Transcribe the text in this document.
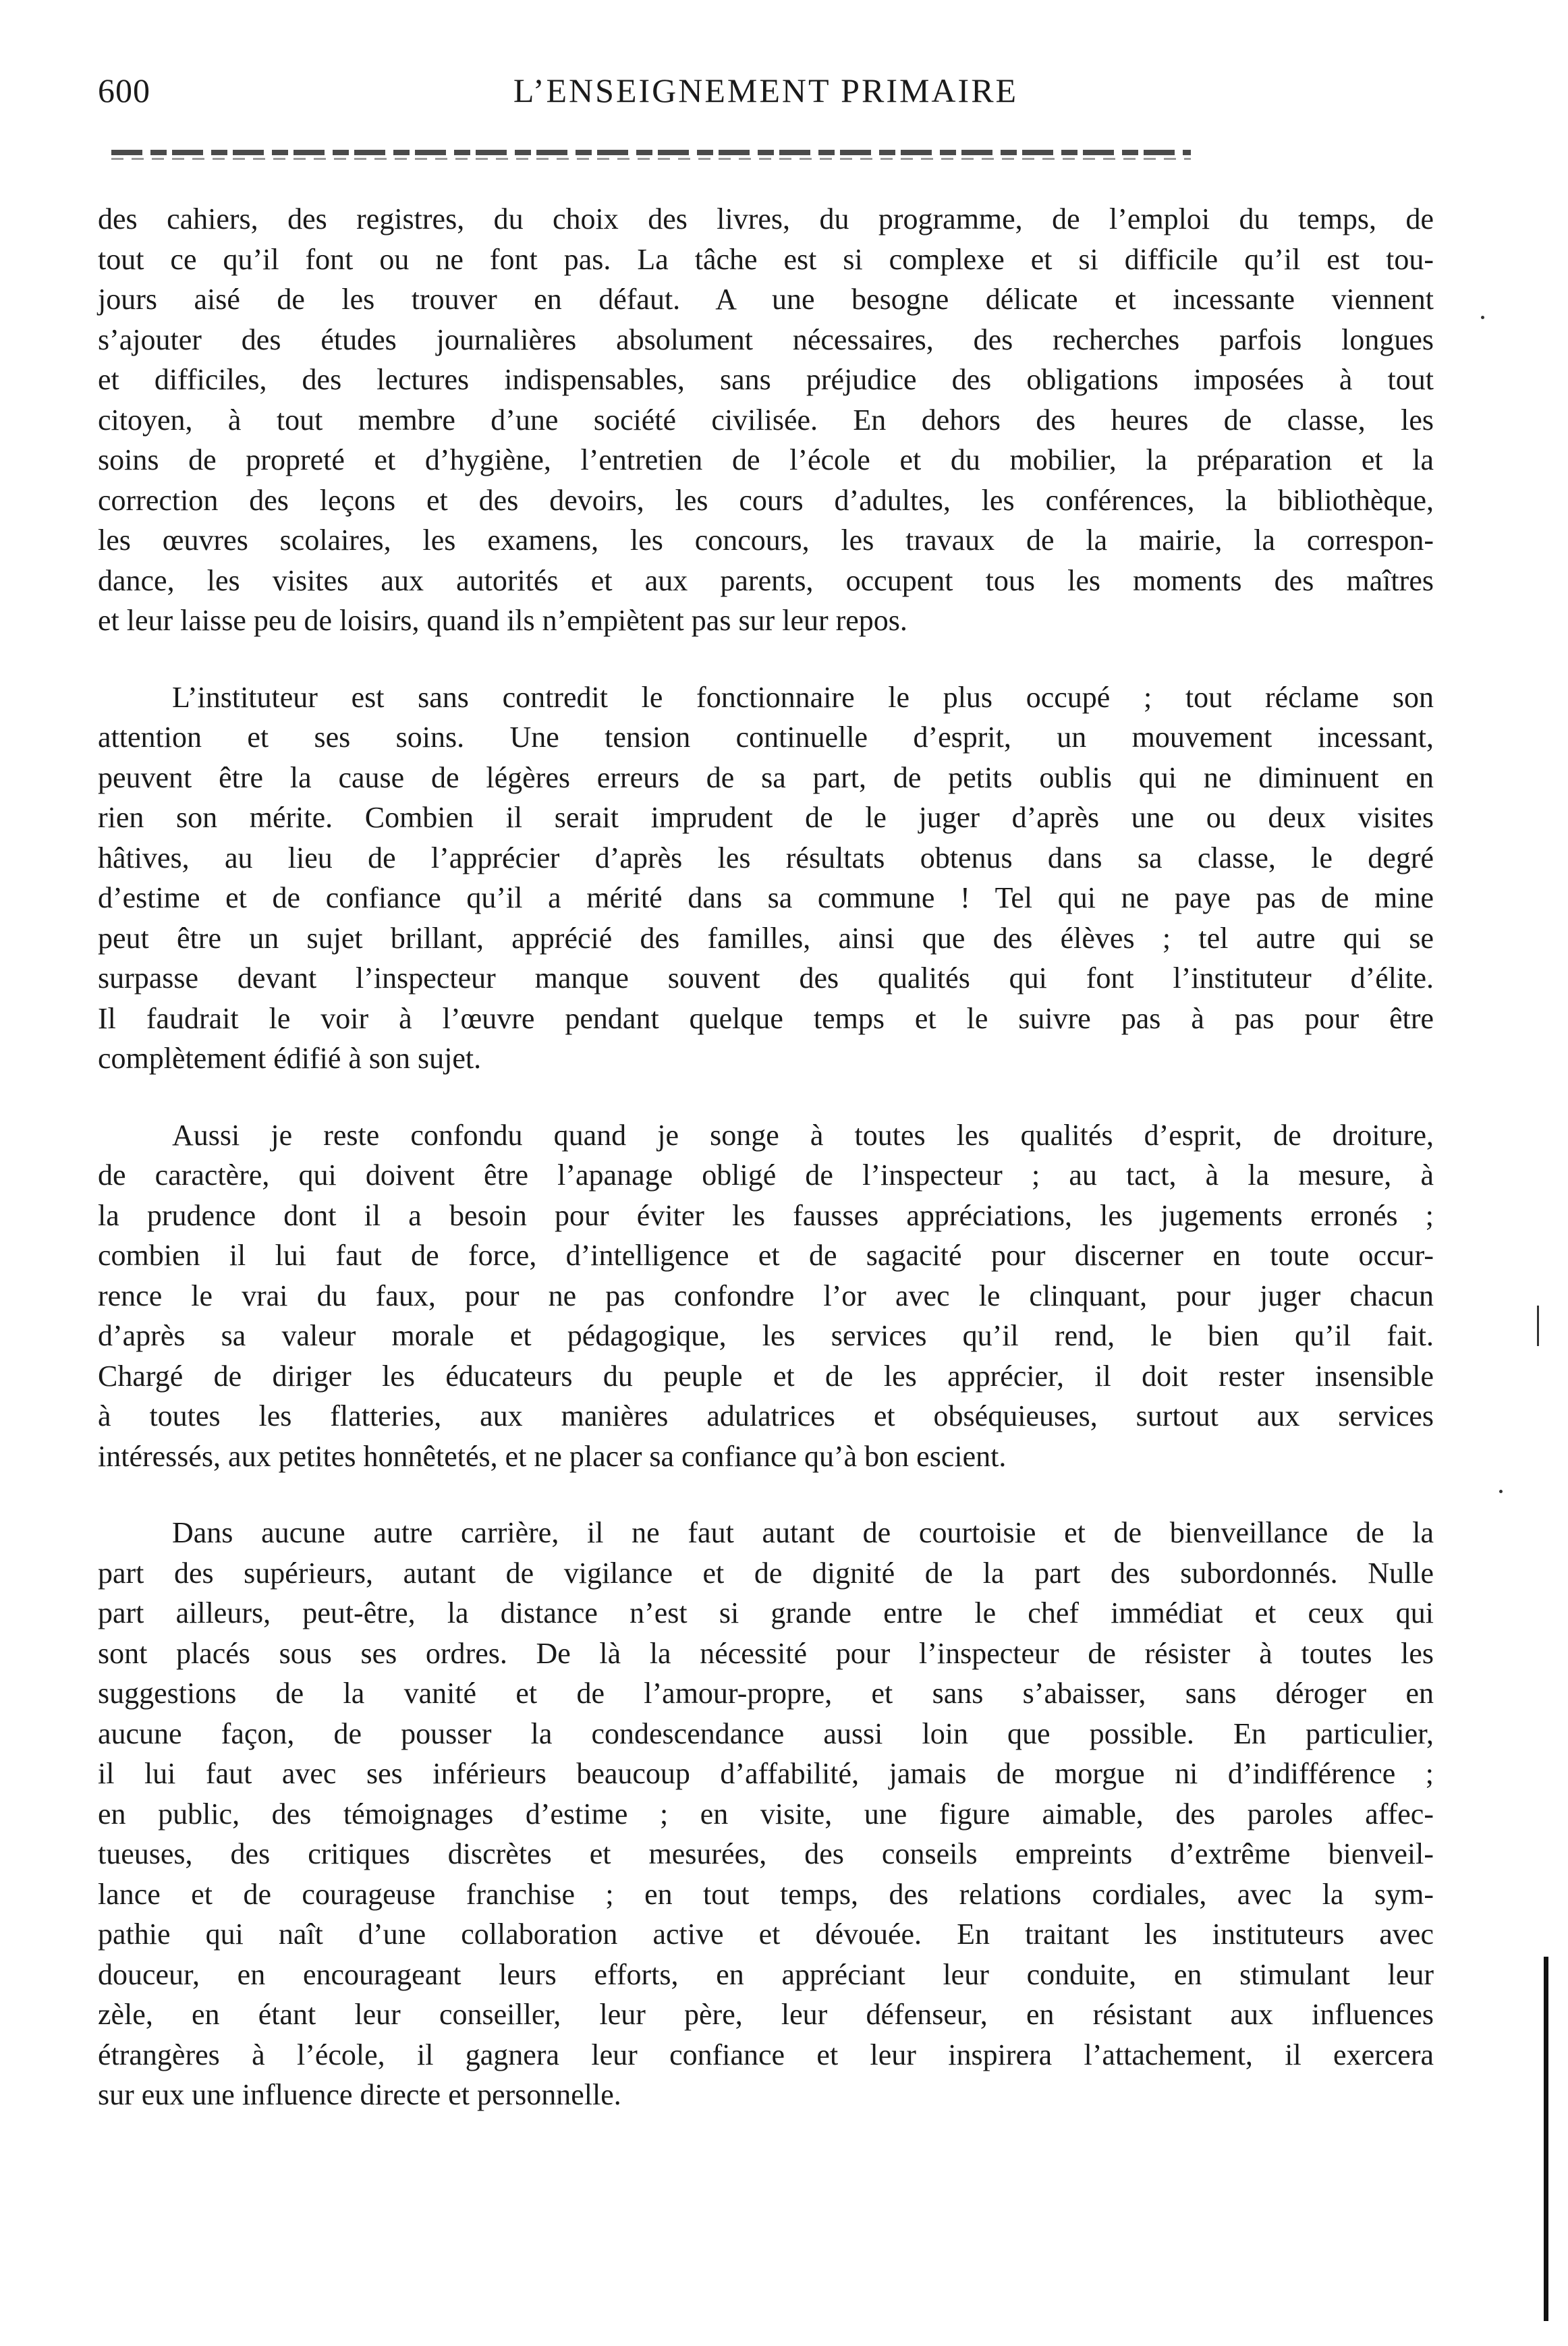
600	L’ENSEIGNEMENT PRIMAIRE
des cahiers, des registres, du choix des livres, du programme, de l’emploi du temps, de
tout ce qu’il font ou ne font pas. La tâche est si complexe et si difficile qu’il est tou-
jours aisé de les trouver en défaut. A une besogne délicate et incessante viennent
s’ajouter des études journalières absolument nécessaires, des recherches parfois longues
et difficiles, des lectures indispensables, sans préjudice des obligations imposées à tout
citoyen, à tout membre d’une société civilisée. En dehors des heures de classe, les
soins de propreté et d’hygiène, l’entretien de l’école et du mobilier, la préparation et la
correction des leçons et des devoirs, les cours d’adultes, les conférences, la bibliothèque,
les œuvres scolaires, les examens, les concours, les travaux de la mairie, la correspon-
dance, les visites aux autorités et aux parents, occupent tous les moments des maîtres
et leur laisse peu de loisirs, quand ils n’empiètent pas sur leur repos.
L’instituteur est sans contredit le fonctionnaire le plus occupé ; tout réclame son
attention et ses soins. Une tension continuelle d’esprit, un mouvement incessant,
peuvent être la cause de légères erreurs de sa part, de petits oublis qui ne diminuent en
rien son mérite. Combien il serait imprudent de le juger d’après une ou deux visites
hâtives, au lieu de l’apprécier d’après les résultats obtenus dans sa classe, le degré
d’estime et de confiance qu’il a mérité dans sa commune ! Tel qui ne paye pas de mine
peut être un sujet brillant, apprécié des familles, ainsi que des élèves ; tel autre qui se
surpasse devant l’inspecteur manque souvent des qualités qui font l’instituteur d’élite.
Il faudrait le voir à l’œuvre pendant quelque temps et le suivre pas à pas pour être
complètement édifié à son sujet.
Aussi je reste confondu quand je songe à toutes les qualités d’esprit, de droiture,
de caractère, qui doivent être l’apanage obligé de l’inspecteur ; au tact, à la mesure, à
la prudence dont il a besoin pour éviter les fausses appréciations, les jugements erronés ;
combien il lui faut de force, d’intelligence et de sagacité pour discerner en toute occur-
rence le vrai du faux, pour ne pas confondre l’or avec le clinquant, pour juger chacun
d’après sa valeur morale et pédagogique, les services qu’il rend, le bien qu’il fait.
Chargé de diriger les éducateurs du peuple et de les apprécier, il doit rester insensible
à toutes les flatteries, aux manières adulatrices et obséquieuses, surtout aux services
intéressés, aux petites honnêtetés, et ne placer sa confiance qu’à bon escient.
Dans aucune autre carrière, il ne faut autant de courtoisie et de bienveillance de la
part des supérieurs, autant de vigilance et de dignité de la part des subordonnés. Nulle
part ailleurs, peut-être, la distance n’est si grande entre le chef immédiat et ceux qui
sont placés sous ses ordres. De là la nécessité pour l’inspecteur de résister à toutes les
suggestions de la vanité et de l’amour-propre, et sans s’abaisser, sans déroger en
aucune façon, de pousser la condescendance aussi loin que possible. En particulier,
il lui faut avec ses inférieurs beaucoup d’affabilité, jamais de morgue ni d’indifférence ;
en public, des témoignages d’estime ; en visite, une figure aimable, des paroles affec-
tueuses, des critiques discrètes et mesurées, des conseils empreints d’extrême bienveil-
lance et de courageuse franchise ; en tout temps, des relations cordiales, avec la sym-
pathie qui naît d’une collaboration active et dévouée. En traitant les instituteurs avec
douceur, en encourageant leurs efforts, en appréciant leur conduite, en stimulant leur
zèle, en étant leur conseiller, leur père, leur défenseur, en résistant aux influences
étrangères à l’école, il gagnera leur confiance et leur inspirera l’attachement, il exercera
sur eux une influence directe et personnelle.
